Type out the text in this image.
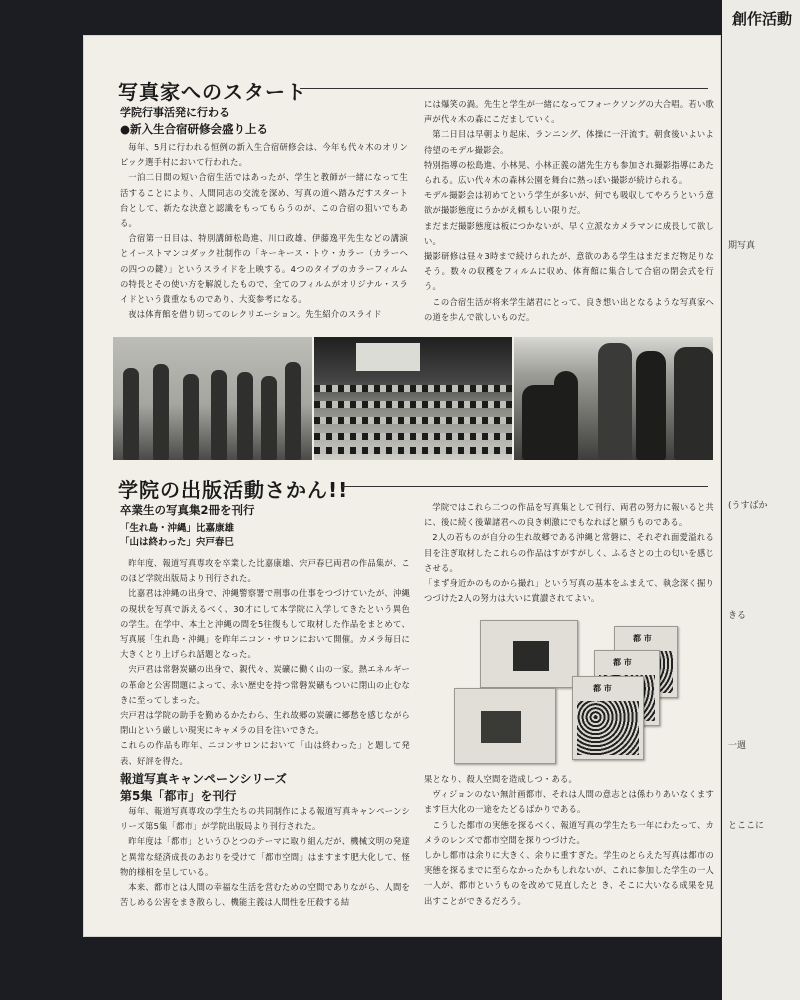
創作活動
期写真
(うすばか
きる
とここに
一週
写真家へのスタート
学院行事活発に行わる
●新入生合宿研修会盛り上る

毎年、5月に行われる恒例の新入生合宿研修会は、今年も代々木のオリンピック選手村において行われた。

一泊二日間の短い合宿生活ではあったが、学生と教師が一緒になって生活することにより、人間同志の交流を深め、写真の道へ踏みだすスタート台として、新たな決意と認識をもってもらうのが、この合宿の狙いでもある。

合宿第一日目は、特別講師松島進、川口政雄、伊藤逸平先生などの講演とイーストマンコダック社制作の「キーキース・トウ・カラー（カラーへの四つの鍵）」というスライドを上映する。4つのタイプのカラーフィルムの特長とその使い方を解説したもので、全てのフィルムがオリジナル・スライドという貴重なものであり、大変参考になる。

夜は体育館を借り切ってのレクリエーション。先生紹介のスライド

には爆笑の渦。先生と学生が一緒になってフォークソングの大合唱。若い歌声が代々木の森にこだましていく。

第二日目は早朝より起床、ランニング、体操に一汗流す。朝食後いよいよ待望のモデル撮影会。

特別指導の松島進、小林晃、小林正義の諸先生方も参加され撮影指導にあたられる。広い代々木の森林公園を舞台に熱っぽい撮影が続けられる。

モデル撮影会は初めてという学生が多いが、何でも吸収してやろうという意欲が撮影態度にうかがえ頼もしい限りだ。

まだまだ撮影態度は板につかないが、早く立派なカメラマンに成長して欲しい。

撮影研修は昼々3時まで続けられたが、意欲のある学生はまだまだ物足りなそう。数々の収穫をフィルムに収め、体育館に集合して合宿の閉会式を行う。

この合宿生活が将来学生諸君にとって、良き想い出となるような写真家への道を歩んで欲しいものだ。

学院の出版活動さかん!!
卒業生の写真集2冊を刊行
「生れ島・沖縄」比嘉康雄
「山は終わった」宍戸春巳

昨年度、報道写真専攻を卒業した比嘉康雄、宍戸春巳両君の作品集が、このほど学院出版局より刊行された。

比嘉君は沖縄の出身で、沖縄警察署で刑事の仕事をつづけていたが、沖縄の現状を写真で訴えるべく、30才にして本学院に入学してきたという異色の学生。在学中、本土と沖縄の間を5往復もして取材した作品をまとめて、写真展「生れ島・沖縄」を昨年ニコン・サロンにおいて開催。カメラ毎日に大きくとり上げられ話題となった。

宍戸君は常磐炭礦の出身で、親代々、炭礦に働く山の一家。熱エネルギーの革命と公害問題によって、永い歴史を持つ常磐炭礦もついに閉山の止むなきに至ってしまった。

宍戸君は学院の助手を勤めるかたわら、生れ故郷の炭礦に郷愁を感じながら閉山という厳しい現実にキャメラの目を注いできた。

これらの作品も昨年、ニコンサロンにおいて「山は終わった」と題して発表、好評を得た。

学院ではこれら二つの作品を写真集として刊行、両君の努力に報いると共に、後に続く後輩諸君への良き刺激にでもなればと願うものである。

2人の若ものが自分の生れ故郷である沖縄と常磐に、それぞれ面愛溢れる目を注ぎ取材したこれらの作品はすがすがしく、ふるさとの土の匂いを感じさせる。

「まず身近かのものから撮れ」という写真の基本をふまえて、執念深く掘りつづけた2人の努力は大いに賞讃されてよい。

都 市
都 市
都 市
報道写真キャンペーンシリーズ
第5集「都市」を刊行

毎年、報道写真専攻の学生たちの共同制作による報道写真キャンペーンシリーズ第5集「都市」が学院出版局より刊行された。

昨年度は「都市」というひとつのテーマに取り組んだが、機械文明の発達と異常な経済成長のあおりを受けて「都市空間」はますます肥大化して、怪物的様相を呈している。

本来、都市とは人間の幸福な生活を営むための空間でありながら、人間を苦しめる公害をまき散らし、機能主義は人間性を圧殺する結

果となり、殺人空間を造成しつ・ある。

ヴィジョンのない無計画都市、それは人間の意志とは係わりあいなくますます巨大化の一途をたどるばかりである。

こうした都市の実態を探るべく、報道写真の学生たち一年にわたって、カメラのレンズで都市空間を探りつづけた。

しかし都市は余りに大きく、余りに重すぎた。学生のとらえた写真は都市の実態を探るまでに至らなかったかもしれないが、これに参加した学生の一人一人が、都市というものを改めて見直したと き、そこに大いなる成果を見出すことができるだろう。
